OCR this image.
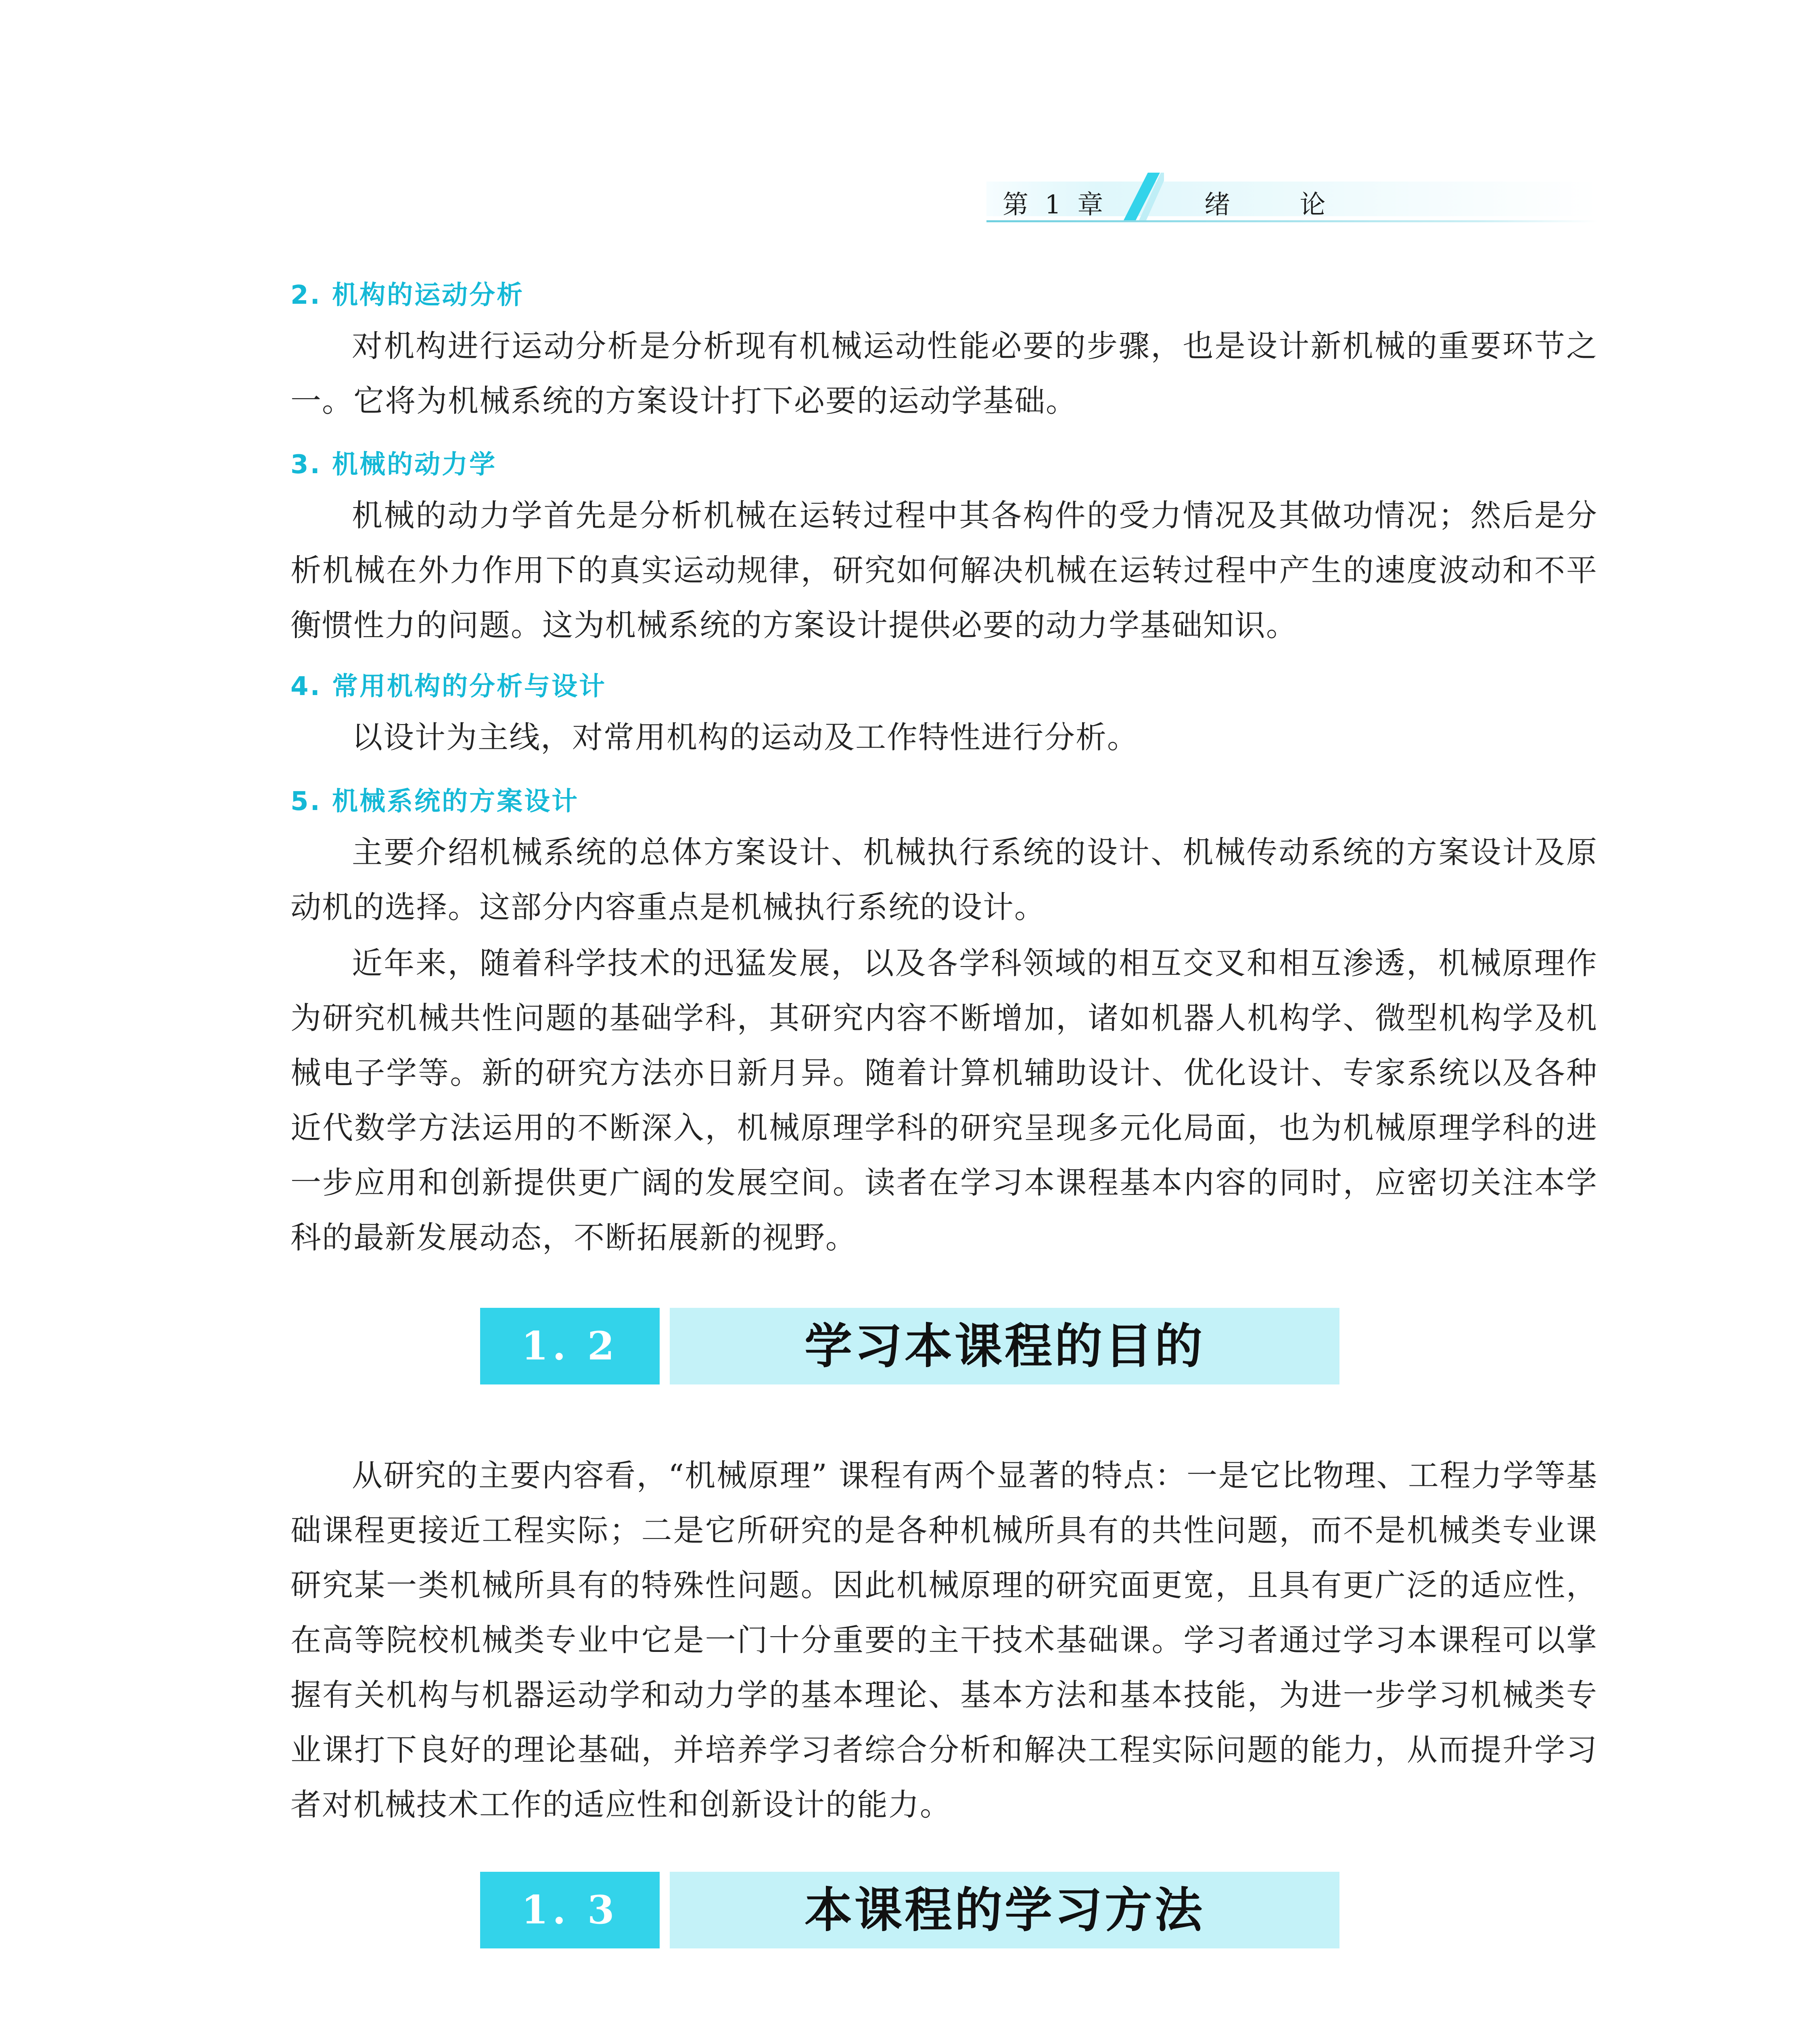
第 1 章	绪 论
2. 机构的运动分析

对机构进行运动分析是分析现有机械运动性能必要的步骤，也是设计新机械的重要环节之一。它将为机械系统的方案设计打下必要的运动学基础。

3. 机械的动力学

机械的动力学首先是分析机械在运转过程中其各构件的受力情况及其做功情况；然后是分析机械在外力作用下的真实运动规律，研究如何解决机械在运转过程中产生的速度波动和不平衡惯性力的问题。这为机械系统的方案设计提供必要的动力学基础知识。

4. 常用机构的分析与设计

以设计为主线，对常用机构的运动及工作特性进行分析。

5. 机械系统的方案设计

主要介绍机械系统的总体方案设计、机械执行系统的设计、机械传动系统的方案设计及原动机的选择。这部分内容重点是机械执行系统的设计。

近年来，随着科学技术的迅猛发展，以及各学科领域的相互交叉和相互渗透，机械原理作为研究机械共性问题的基础学科，其研究内容不断增加，诸如机器人机构学、微型机构学及机械电子学等。新的研究方法亦日新月异。随着计算机辅助设计、优化设计、专家系统以及各种近代数学方法运用的不断深入，机械原理学科的研究呈现多元化局面，也为机械原理学科的进一步应用和创新提供更广阔的发展空间。读者在学习本课程基本内容的同时，应密切关注本学科的最新发展动态，不断拓展新的视野。

1. 2	学习本课程的目的

从研究的主要内容看，“机械原理” 课程有两个显著的特点：一是它比物理、工程力学等基础课程更接近工程实际；二是它所研究的是各种机械所具有的共性问题，而不是机械类专业课研究某一类机械所具有的特殊性问题。因此机械原理的研究面更宽，且具有更广泛的适应性，在高等院校机械类专业中它是一门十分重要的主干技术基础课。学习者通过学习本课程可以掌握有关机构与机器运动学和动力学的基本理论、基本方法和基本技能，为进一步学习机械类专业课打下良好的理论基础，并培养学习者综合分析和解决工程实际问题的能力，从而提升学习者对机械技术工作的适应性和创新设计的能力。

1. 3	本课程的学习方法
